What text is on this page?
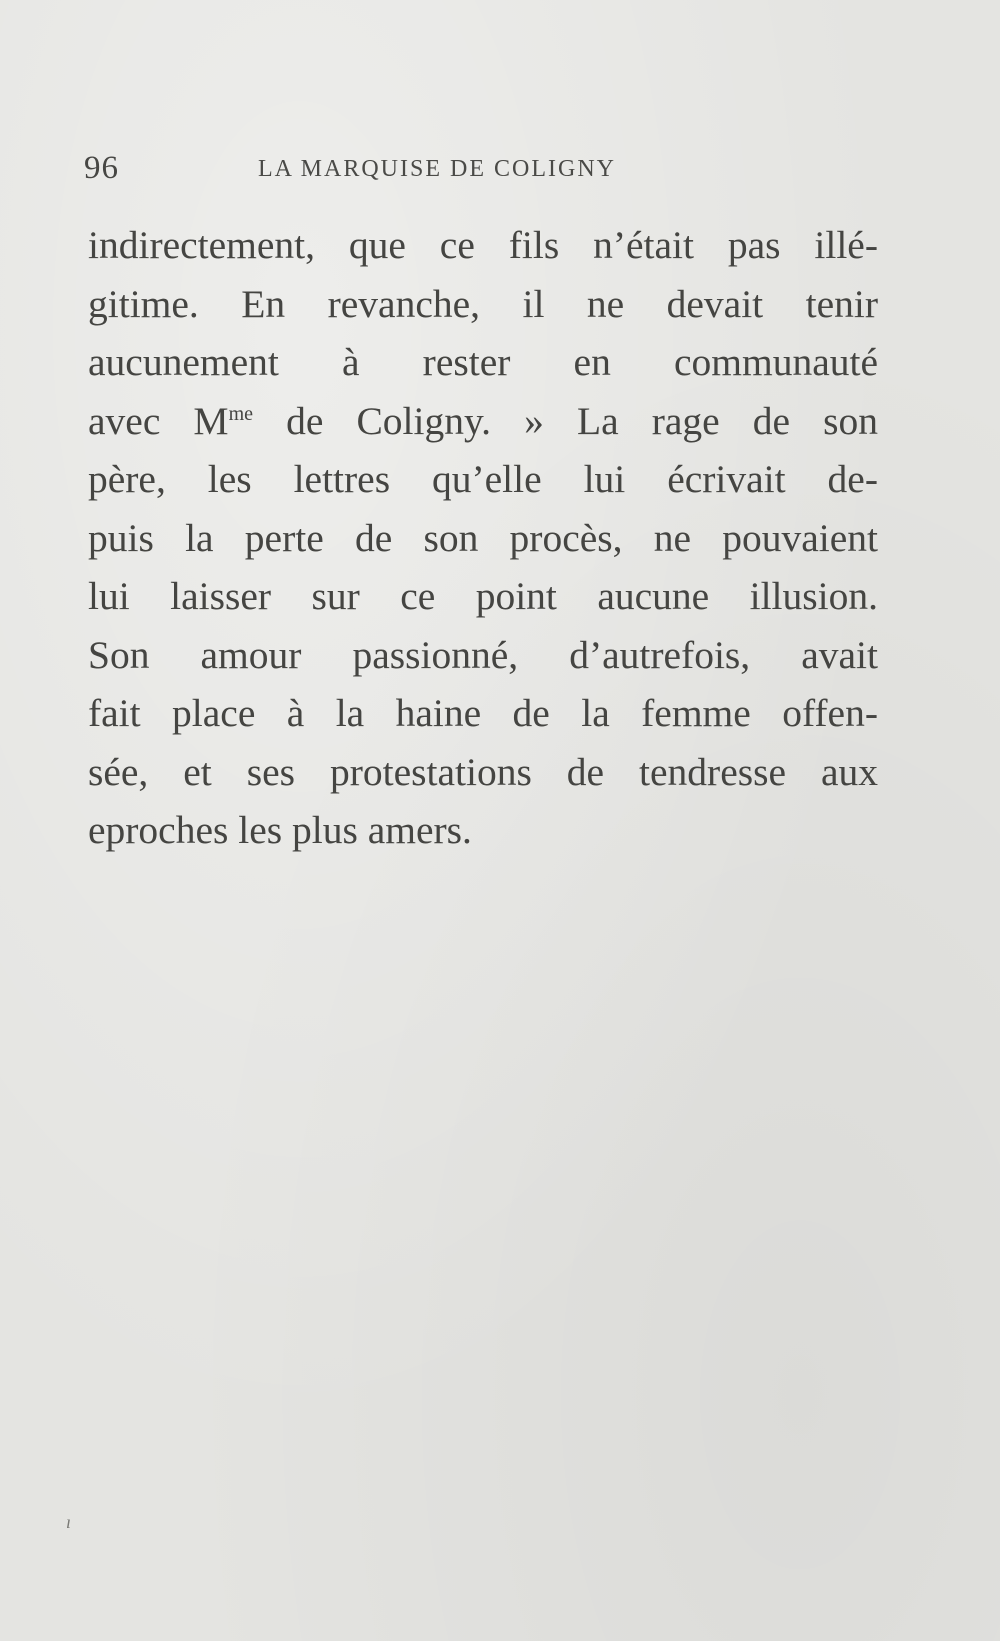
96	LA MARQUISE DE COLIGNY
indirectement, que ce fils n’était pas illé-
gitime. En revanche, il ne devait tenir
aucunement à rester en communauté
avec $M^{me}$ de Coligny. » La rage de son
père, les lettres qu’elle lui écrivait de-
puis la perte de son procès, ne pouvaient
lui laisser sur ce point aucune illusion.
Son amour passionné, d’autrefois, avait
fait place à la haine de la femme offen-
sée, et ses protestations de tendresse aux
eproches les plus amers.
ı
